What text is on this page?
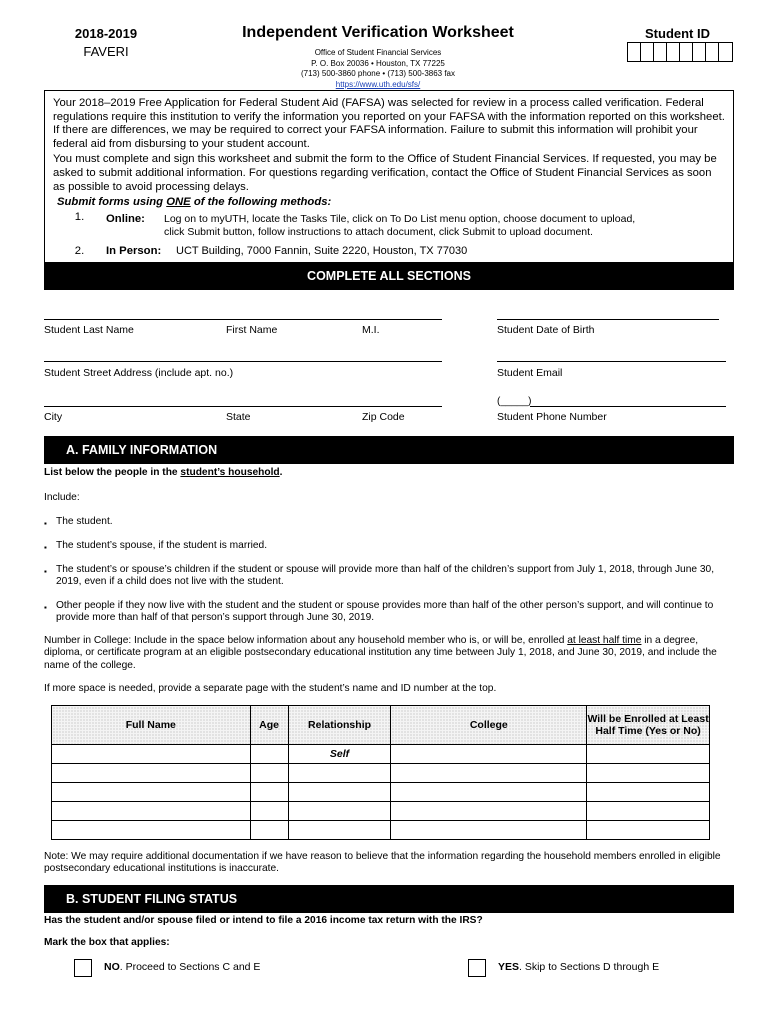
2018-2019
FAVERI
Independent Verification Worksheet
Office of Student Financial Services
P. O. Box 20036 • Houston, TX 77225
(713) 500-3860 phone • (713) 500-3863 fax
https://www.uth.edu/sfs/
Student ID

Your 2018–2019 Free Application for Federal Student Aid (FAFSA) was selected for review in a process called verification. Federal regulations require this institution to verify the information you reported on your FAFSA with the information reported on this worksheet. If there are differences, we may be required to correct your FAFSA information. Failure to submit this information will prohibit your federal aid from disbursing to your student account.

You must complete and sign this worksheet and submit the form to the Office of Student Financial Services. If requested, you may be asked to submit additional information. For questions regarding verification, contact the Office of Student Financial Services as soon as possible to avoid processing delays.

Submit forms using ONE of the following methods:
1.	Online:	Log on to myUTH, locate the Tasks Tile, click on To Do List menu option, choose document to upload,
click Submit button, follow instructions to attach document, click Submit to upload document.
2.	In Person:	UCT Building, 7000 Fannin, Suite 2220, Houston, TX 77030
COMPLETE ALL SECTIONS
Student Last Name	First Name	M.I.	Student Date of Birth
Student Street Address (include apt. no.)	Student Email
(_____)
City	State	Zip Code	Student Phone Number
A. FAMILY INFORMATION
List below the people in the student’s household.
Include:
▪ The student.
▪ The student’s spouse, if the student is married.
▪ The student’s or spouse’s children if the student or spouse will provide more than half of the children’s support from July 1, 2018, through June 30, 2019, even if a child does not live with the student.
▪ Other people if they now live with the student and the student or spouse provides more than half of the other person’s support, and will continue to provide more than half of that person’s support through June 30, 2019.
Number in College: Include in the space below information about any household member who is, or will be, enrolled at least half time in a degree, diploma, or certificate program at an eligible postsecondary educational institution any time between July 1, 2018, and June 30, 2019, and include the name of the college.
If more space is needed, provide a separate page with the student’s name and ID number at the top.
Full Name	Age	Relationship	College	Will be Enrolled at Least Half Time (Yes or No)
		Self		

Note: We may require additional documentation if we have reason to believe that the information regarding the household members enrolled in eligible postsecondary educational institutions is inaccurate.
B. STUDENT FILING STATUS
Has the student and/or spouse filed or intend to file a 2016 income tax return with the IRS?
Mark the box that applies:
NO. Proceed to Sections C and E	YES. Skip to Sections D through E
